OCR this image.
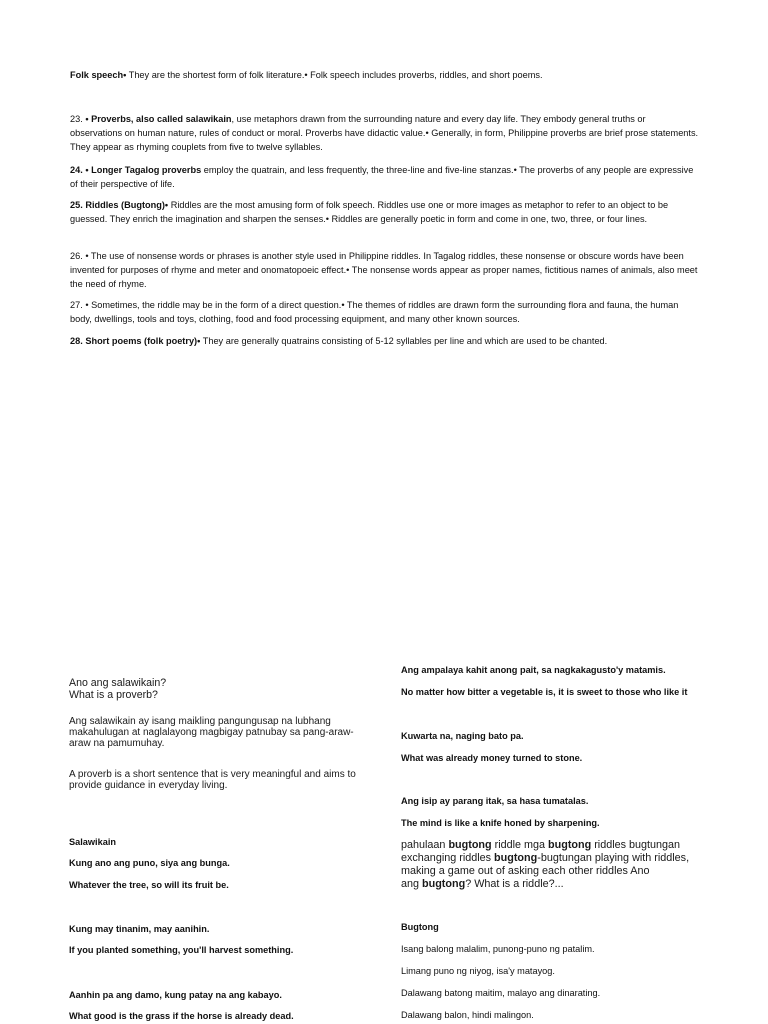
Folk speech• They are the shortest form of folk literature.• Folk speech includes proverbs, riddles, and short poems.
23. • Proverbs, also called salawikain, use metaphors drawn from the surrounding nature and every day life. They embody general truths or observations on human nature, rules of conduct or moral. Proverbs have didactic value.• Generally, in form, Philippine proverbs are brief prose statements. They appear as rhyming couplets from five to twelve syllables.
24. • Longer Tagalog proverbs employ the quatrain, and less frequently, the three-line and five-line stanzas.• The proverbs of any people are expressive of their perspective of life.
25. Riddles (Bugtong)• Riddles are the most amusing form of folk speech. Riddles use one or more images as metaphor to refer to an object to be guessed. They enrich the imagination and sharpen the senses.• Riddles are generally poetic in form and come in one, two, three, or four lines.
26. • The use of nonsense words or phrases is another style used in Philippine riddles. In Tagalog riddles, these nonsense or obscure words have been invented for purposes of rhyme and meter and onomatopoeic effect.• The nonsense words appear as proper names, fictitious names of animals, also meet the need of rhyme.
27. • Sometimes, the riddle may be in the form of a direct question.• The themes of riddles are drawn form the surrounding flora and fauna, the human body, dwellings, tools and toys, clothing, food and food processing equipment, and many other known sources.
28. Short poems (folk poetry)• They are generally quatrains consisting of 5-12 syllables per line and which are used to be chanted.
Ano ang salawikain?
What is a proverb?
Ang salawikain ay isang maikling pangungusap na lubhang
makahulugan at naglalayong magbigay patnubay sa pang-araw-
araw na pamumuhay.
A proverb is a short sentence that is very meaningful and aims to
provide guidance in everyday living.
Salawikain
Kung ano ang puno, siya ang bunga.
Whatever the tree, so will its fruit be.
Kung may tinanim, may aanihin.
If you planted something, you'll harvest something.
Aanhin pa ang damo, kung patay na ang kabayo.
What good is the grass if the horse is already dead.
Ang ampalaya kahit anong pait, sa nagkakagusto'y matamis.
No matter how bitter a vegetable is, it is sweet to those who like it
Kuwarta na, naging bato pa.
What was already money turned to stone.
Ang isip ay parang itak, sa hasa tumatalas.
The mind is like a knife honed by sharpening.
pahulaan bugtong riddle mga bugtong riddles bugtungan
exchanging riddles bugtong-bugtungan playing with riddles,
making a game out of asking each other riddles Ano
ang bugtong? What is a riddle?...
Bugtong
Isang balong malalim, punong-puno ng patalim.
Limang puno ng niyog, isa'y matayog.
Dalawang batong maitim, malayo ang dinarating.
Dalawang balon, hindi malingon.
